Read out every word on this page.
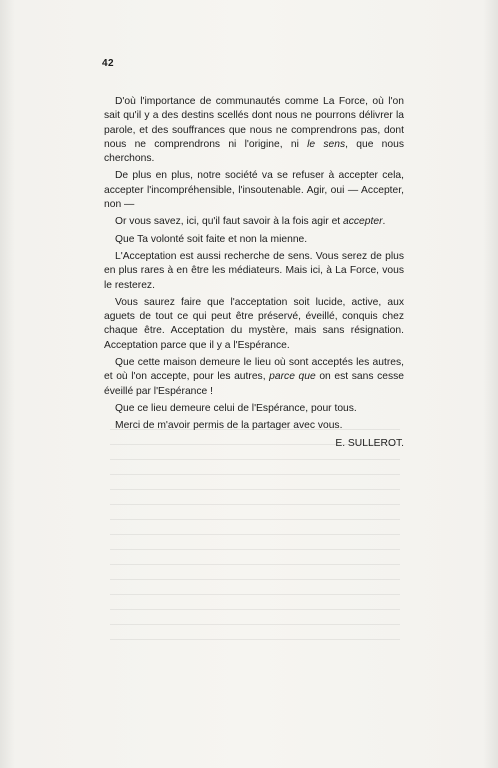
42

D'où l'importance de communautés comme La Force, où l'on sait qu'il y a des destins scellés dont nous ne pourrons délivrer la parole, et des souffrances que nous ne comprendrons pas, dont nous ne comprendrons ni l'origine, ni le sens, que nous cherchons.

De plus en plus, notre société va se refuser à accepter cela, accepter l'incompréhensible, l'insoutenable. Agir, oui — Accepter, non —

Or vous savez, ici, qu'il faut savoir à la fois agir et accepter.

Que Ta volonté soit faite et non la mienne.

L'Acceptation est aussi recherche de sens. Vous serez de plus en plus rares à en être les médiateurs. Mais ici, à La Force, vous le resterez.

Vous saurez faire que l'acceptation soit lucide, active, aux aguets de tout ce qui peut être préservé, éveillé, conquis chez chaque être. Acceptation du mystère, mais sans résignation. Acceptation parce que il y a l'Espérance.

Que cette maison demeure le lieu où sont acceptés les autres, et où l'on accepte, pour les autres, parce que on est sans cesse éveillé par l'Espérance !

Que ce lieu demeure celui de l'Espérance, pour tous.

Merci de m'avoir permis de la partager avec vous.

E. SULLEROT.
